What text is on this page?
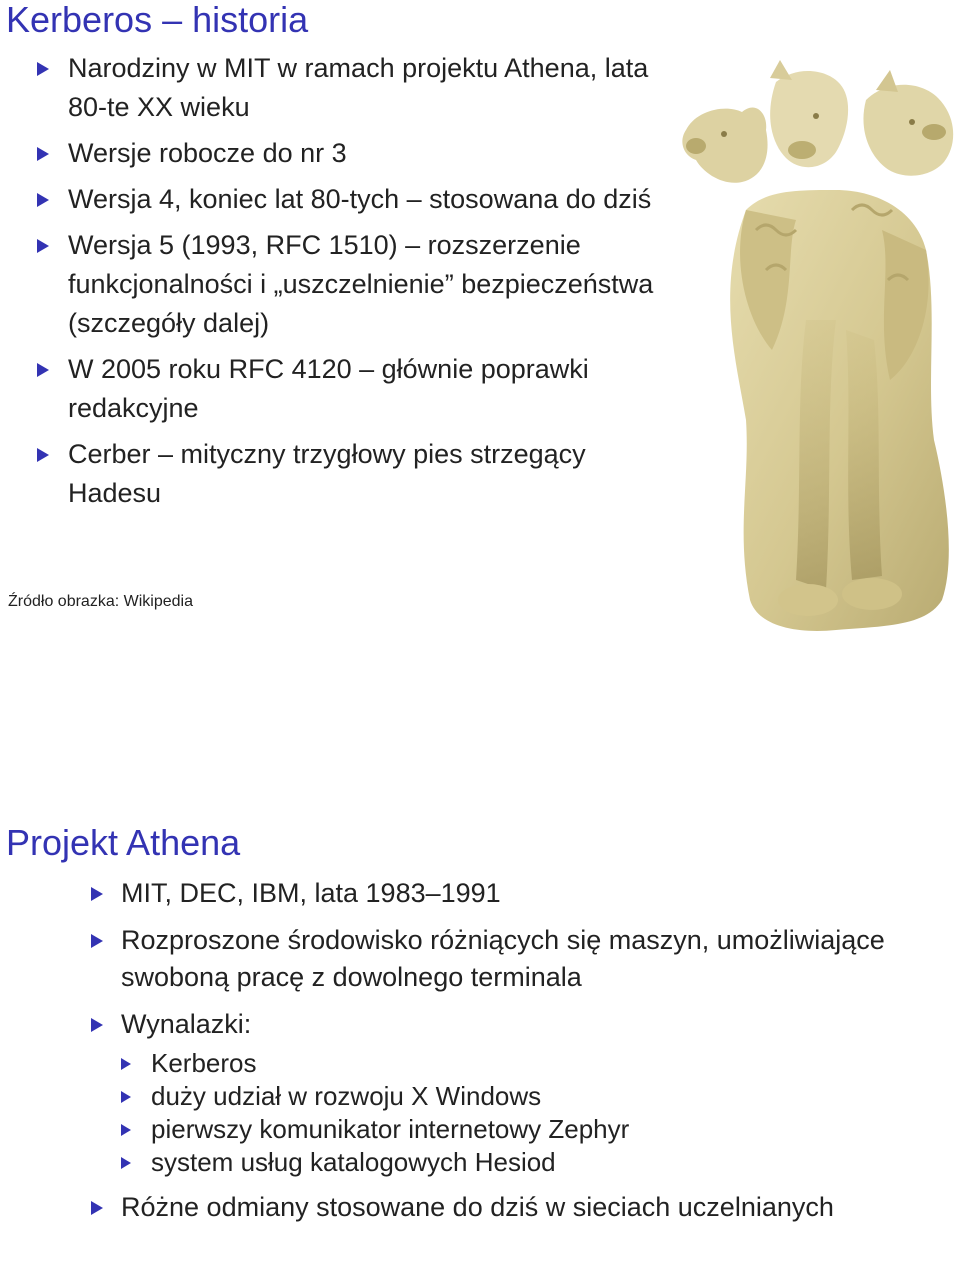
Kerberos – historia
Narodziny w MIT w ramach projektu Athena, lata 80-te XX wieku
Wersje robocze do nr 3
Wersja 4, koniec lat 80-tych – stosowana do dziś
Wersja 5 (1993, RFC 1510) – rozszerzenie funkcjonalności i „uszczelnienie” bezpieczeństwa (szczegóły dalej)
W 2005 roku RFC 4120 – głównie poprawki redakcyjne
Cerber – mityczny trzygłowy pies strzegący Hadesu
Źródło obrazka: Wikipedia
Projekt Athena
MIT, DEC, IBM, lata 1983–1991
Rozproszone środowisko różniących się maszyn, umożliwiające swoboną pracę z dowolnego terminala
Wynalazki:
Kerberos
duży udział w rozwoju X Windows
pierwszy komunikator internetowy Zephyr
system usług katalogowych Hesiod
Różne odmiany stosowane do dziś w sieciach uczelnianych
